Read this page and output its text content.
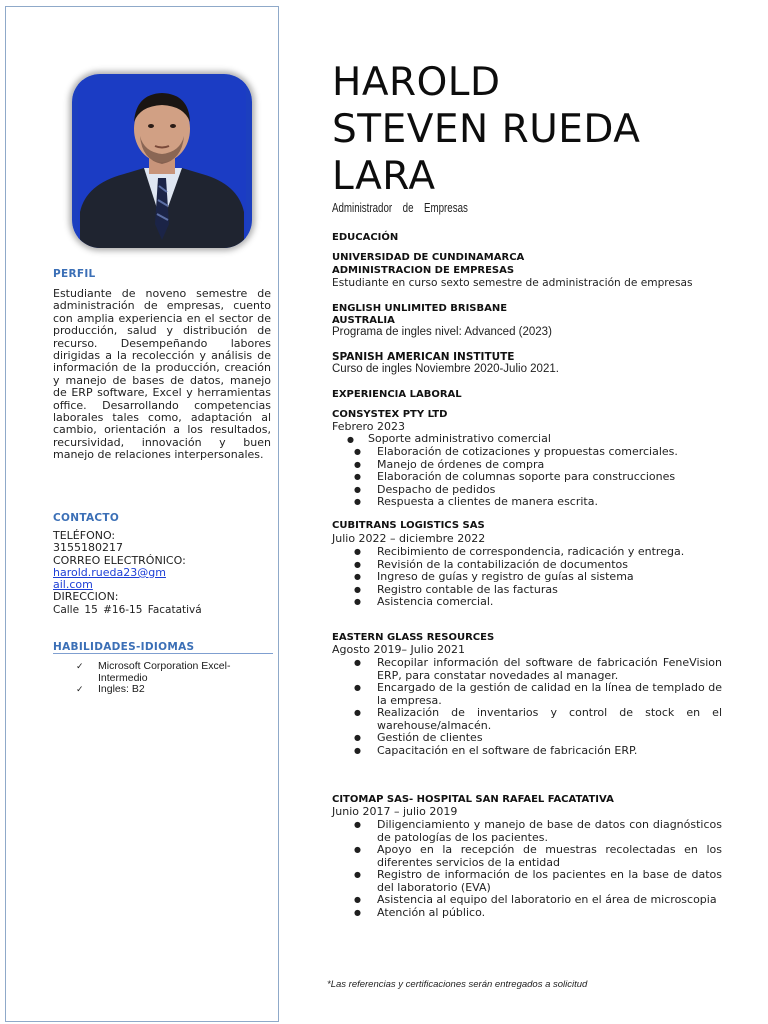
PERFIL
Estudiante de noveno semestre de administración de empresas, cuento con amplia experiencia en el sector de producción, salud y distribución de recurso. Desempeñando labores dirigidas a la recolección y análisis de información de la producción, creación y manejo de bases de datos, manejo de ERP software, Excel y herramientas office. Desarrollando competencias laborales tales como, adaptación al cambio, orientación a los resultados, recursividad, innovación y buen manejo de relaciones interpersonales.
CONTACTO
TELÉFONO:
3155180217
CORREO ELECTRÓNICO:
harold.rueda23@gm
ail.com
DIRECCION:
Calle 15 #16-15 Facatativá
HABILIDADES-IDIOMAS
✓ Microsoft Corporation Excel-
Intermedio
✓ Ingles: B2
HAROLD
STEVEN RUEDA
LARA
Administrador de Empresas
EDUCACIÓN
UNIVERSIDAD DE CUNDINAMARCA
ADMINISTRACION DE EMPRESAS
Estudiante en curso sexto semestre de administración de empresas
ENGLISH UNLIMITED BRISBANE
AUSTRALIA
Programa de ingles nivel: Advanced (2023)
SPANISH AMERICAN INSTITUTE
Curso de ingles Noviembre 2020-Julio 2021.
EXPERIENCIA LABORAL
CONSYSTEX PTY LTD
Febrero 2023
● Soporte administrativo comercial
● Elaboración de cotizaciones y propuestas comerciales.
● Manejo de órdenes de compra
● Elaboración de columnas soporte para construcciones
● Despacho de pedidos
● Respuesta a clientes de manera escrita.
CUBITRANS LOGISTICS SAS
Julio 2022 – diciembre 2022
● Recibimiento de correspondencia, radicación y entrega.
● Revisión de la contabilización de documentos
● Ingreso de guías y registro de guías al sistema
● Registro contable de las facturas
● Asistencia comercial.
EASTERN GLASS RESOURCES
Agosto 2019– Julio 2021
● Recopilar información del software de fabricación FeneVision ERP, para constatar novedades al manager.
● Encargado de la gestión de calidad en la línea de templado de la empresa.
● Realización de inventarios y control de stock en el warehouse/almacén.
● Gestión de clientes
● Capacitación en el software de fabricación ERP.
CITOMAP SAS- HOSPITAL SAN RAFAEL FACATATIVA
Junio 2017 – julio 2019
● Diligenciamiento y manejo de base de datos con diagnósticos de patologías de los pacientes.
● Apoyo en la recepción de muestras recolectadas en los diferentes servicios de la entidad
● Registro de información de los pacientes en la base de datos del laboratorio (EVA)
● Asistencia al equipo del laboratorio en el área de microscopia
● Atención al público.
*Las referencias y certificaciones serán entregados a solicitud
